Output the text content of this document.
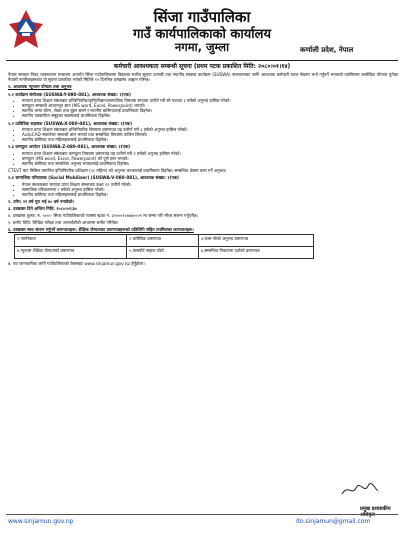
सिंजा गाउँपालिका
गाउँ कार्यपालिकाको कार्यालय
नगमा, जुम्ला	कर्णाली प्रदेश, नेपाल
कर्मचारी आवश्यकता सम्बन्धी सूचना (प्रथम पटक प्रकाशित मिति: २०८०।०१।१४)

नेपाल सरकार विपद व्यवस्थापन मन्त्रालय अन्तर्गत सिंजा गाउँपालिकामा विद्यालय स्तरीय सूचना प्रणाली तथा स्थानीय स्वास्थ्य कार्यक्रम (SUSWA) सञ्चालनका लागि आवश्यक कर्मचारी करार सेवामा भर्ना गर्नुपर्ने भएकाले तपसिलमा उल्लेखित योग्यता पुगेका नेपाली नागरिकहरूबाट यो सूचना प्रकाशित भएको मितिले १५ दिनभित्र दरखास्त आह्वान गरिन्छ।

१. आवश्यक न्यूनतम योग्यता तथा अनुभव
१.१ कार्यक्रम संयोजक (SUSWA-Y-080-081), आवश्यक संख्या: १(एक)
• मान्यता प्राप्त शिक्षण संस्थाबाट इन्जिनियरिङ/कृषि/विज्ञान/सामाजिक विषयमा स्नातक उत्तीर्ण गरी सो पश्चात ३ वर्षको अनुभव हासिल गरेको।
• कम्प्युटर सम्बन्धी आधारभूत ज्ञान (MS word, Excel, Powerpoint) भएको।
• स्थानीय भाषा बोल्न, लेख्न तथा बुझ्न सक्ने र स्थानीय बासिन्दालाई प्राथमिकता दिइनेछ।
• स्थानीय पत्रकारिता समूहका सदस्यलाई प्राथमिकता दिइनेछ।
१.२ प्राविधिक सहायक (SUSWA-X-080-081), आवश्यक संख्या: १(एक)
• मान्यता प्राप्त शिक्षण संस्थाबाट इन्जिनियरिङ विषयमा प्रमाणपत्र तह उत्तीर्ण गरी ३ वर्षको अनुभव हासिल गरेको।
• AutoCAD सफ्टवेयर सम्बन्धी ज्ञान भएको तथा सम्बन्धित विषयमा तालिम लिएको।
• स्थानीय बासिन्दा तथा महिलाहरूलाई प्राथमिकता दिइनेछ।
१.३ कम्प्युटर अपरेटर (SUSWA-Z-080-081), आवश्यक संख्या: १(एक)
• मान्यता प्राप्त शिक्षण संस्थाबाट कम्प्युटर विषयमा प्रमाणपत्र तह उत्तीर्ण गरी २ वर्षको अनुभव हासिल गरेको।
• कम्प्युटर (MS word, Excel, Powerpoint) को पूर्ण ज्ञान भएको।
• स्थानीय बासिन्दा तथा सम्बन्धित अनुभव भएकालाई प्राथमिकता दिइनेछ।

CTEVT बाट मिसिल प्रमाणित इन्जिनियरिङ प्रशिक्षण (१८ महिना) को अनुभव भएकालाई प्राथमिकता दिइनेछ। सम्बन्धित क्षेत्रमा काम गर्ने अनुभव।

१.४ सामाजिक परिचालक (Social Mobilizer) (SUSWA-V-080-081), आवश्यक संख्या: १(एक)
• नेपाल सरकारबाट मान्यता प्राप्त शिक्षण संस्थाबाट कक्षा १२ उत्तीर्ण गरेको।
• सामाजिक परिचालनमा १ वर्षको अनुभव हासिल गरेको।
• स्थानीय बासिन्दा तथा महिलाहरूलाई प्राथमिकता दिइनेछ।
२. उमेर: २१ वर्ष पूरा भई ४० वर्ष ननाघेको।
३. दरखास्त दिने अन्तिम मिति: २०८०।०१।३०

४. दरखास्त शुल्क: रु. ५००।- सिंजा गाउँपालिकाको राजस्व खाता नं. ३१०००१०४७४०००९ मा जम्मा गरी भौचर संलग्न गर्नुपर्नेछ।

५. छनौट विधि: लिखित परीक्षा तथा अन्तर्वार्ताको आधारमा छनौट गरिनेछ।

६. दरखास्त साथ संलग्न गर्नुपर्ने कागजातहरू: शैक्षिक योग्यताका प्रमाणपत्रहरूको प्रतिलिपि सहित तपसिलका कागजातहरू।
१.नागरिकता	२.चारित्रिक प्रमाणपत्र	३.काम गरेको अनुभव प्रमाणपत्र
४.न्यूनतम शैक्षिक योग्यताको प्रमाणपत्र	५.पासपोर्ट साइज फोटो	६.सम्बन्धित निकायमा दर्ताको प्रमाणपत्र

७. थप जानकारीका लागि गाउँपालिकाको वेबसाइट www.sinjamun.gov.np हेर्नुहोला।

प्रमुख प्रशासकीय अधिकृत
www.sinjamun.gov.np	ito.sinjamun@gmail.com
